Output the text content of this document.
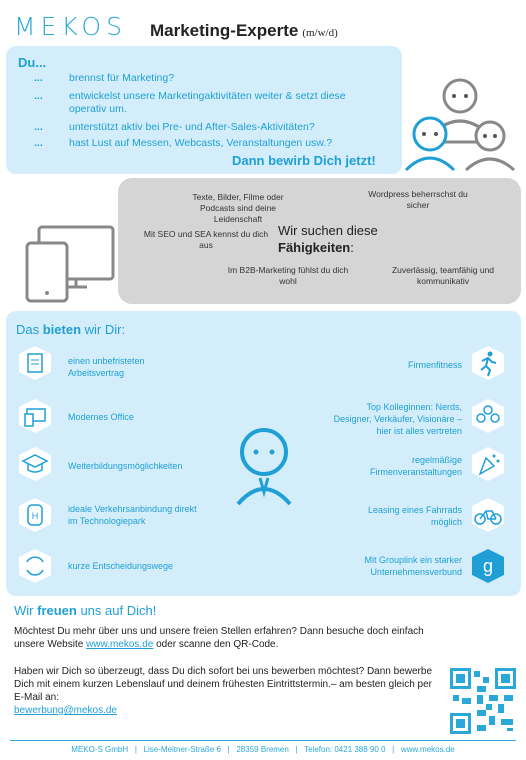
MEKOS Marketing-Experte (m/w/d)
Du...
... brennst für Marketing?
... entwickelst unsere Marketingaktivitäten weiter & setzt diese operativ um.
... unterstützt aktiv bei Pre- und After-Sales-Aktivitäten?
... hast Lust auf Messen, Webcasts, Veranstaltungen usw.?
Dann bewirb Dich jetzt!
Texte, Bilder, Filme oder Podcasts sind deine Leidenschaft
Wordpress beherrschst du sicher
Mit SEO und SEA kennst du dich aus
Wir suchen diese
Fähigkeiten:
Im B2B-Marketing fühlst du dich wohl
Zuverlässig, teamfähig und kommunikativ
Das bieten wir Dir:
einen unbefristeten Arbeitsvertrag
Modernes Office
Weiterbildungsmöglichkeiten
H
ideale Verkehrsanbindung direkt im Technologiepark
kurze Entscheidungswege
Firmenfitness
Top Kolleginnen: Nerds, Designer, Verkäufer, Visionäre – hier ist alles vertreten
regelmäßige Firmenveranstaltungen
Leasing eines Fahrrads möglich
Mit Grouplink ein starker Unternehmensverbund g
Wir freuen uns auf Dich!
Möchtest Du mehr über uns und unsere freien Stellen erfahren? Dann besuche doch einfach unsere Website www.mekos.de oder scanne den QR-Code.
Haben wir Dich so überzeugt, dass Du dich sofort bei uns bewerben möchtest? Dann bewerbe Dich mit einem kurzen Lebenslauf und deinem frühesten Eintrittstermin.– am besten gleich per E-Mail an:
bewerbung@mekos.de
MEKO-S GmbH   |   Lise-Meitner-Straße 6   |   28359 Bremen   |   Telefon: 0421 388 90 0   |   www.mekos.de
